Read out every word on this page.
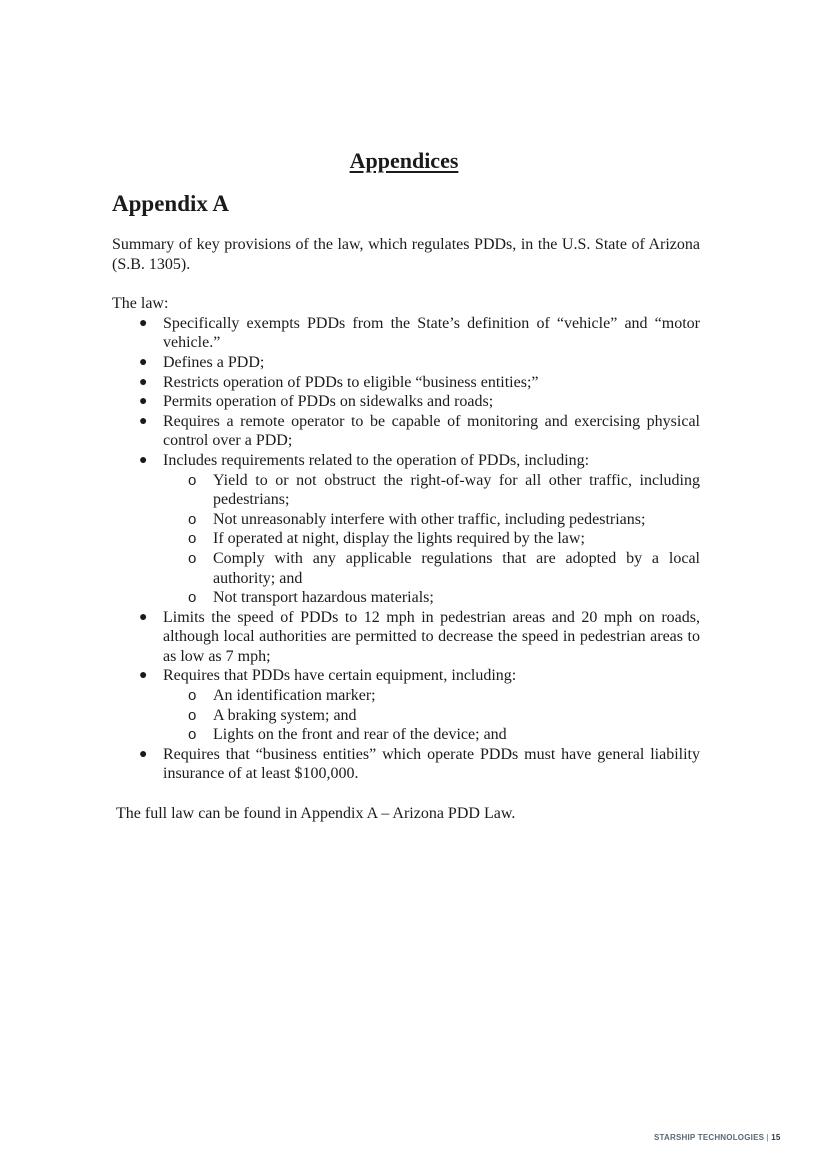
Appendices
Appendix A

Summary of key provisions of the law, which regulates PDDs, in the U.S. State of Arizona (S.B. 1305).

The law:

● Specifically exempts PDDs from the State’s definition of “vehicle” and “motor vehicle.”
● Defines a PDD;
● Restricts operation of PDDs to eligible “business entities;”
● Permits operation of PDDs on sidewalks and roads;
● Requires a remote operator to be capable of monitoring and exercising physical control over a PDD;
● Includes requirements related to the operation of PDDs, including:
o Yield to or not obstruct the right-of-way for all other traffic, including pedestrians;
o Not unreasonably interfere with other traffic, including pedestrians;
o If operated at night, display the lights required by the law;
o Comply with any applicable regulations that are adopted by a local authority; and
o Not transport hazardous materials;
● Limits the speed of PDDs to 12 mph in pedestrian areas and 20 mph on roads, although local authorities are permitted to decrease the speed in pedestrian areas to as low as 7 mph;
● Requires that PDDs have certain equipment, including:
o An identification marker;
o A braking system; and
o Lights on the front and rear of the device; and
● Requires that “business entities” which operate PDDs must have general liability insurance of at least $100,000.

The full law can be found in Appendix A – Arizona PDD Law.

STARSHIP TECHNOLOGIES | 15
